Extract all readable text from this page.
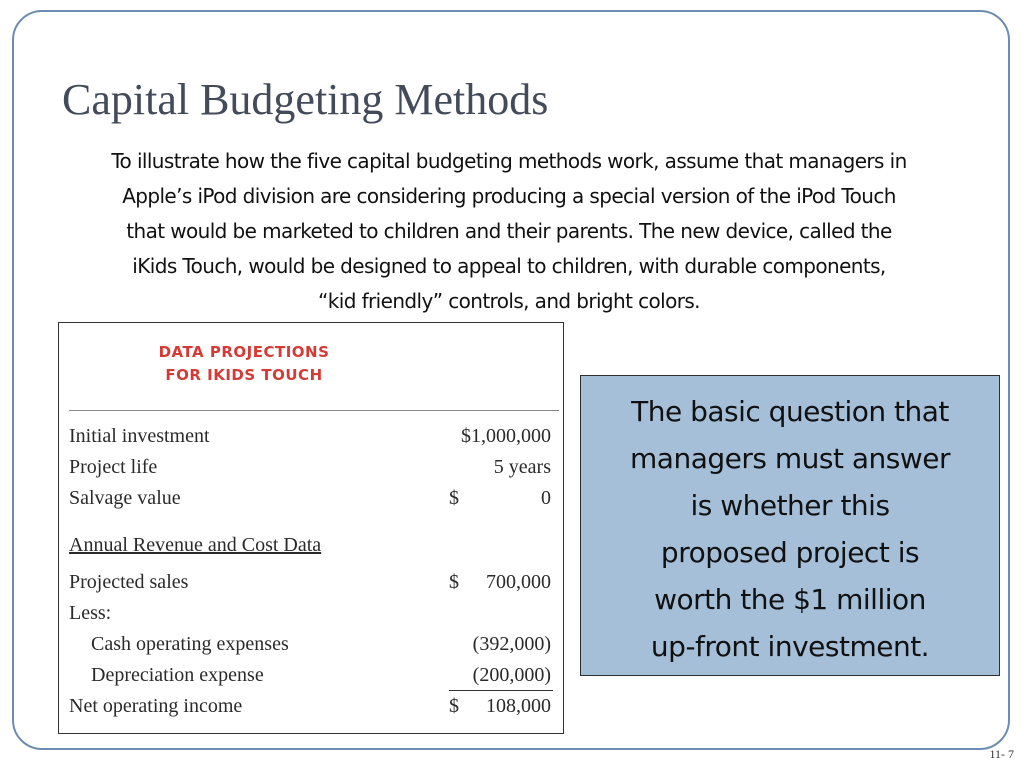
Capital Budgeting Methods
To illustrate how the five capital budgeting methods work, assume that managers in
Apple’s iPod division are considering producing a special version of the iPod Touch
that would be marketed to children and their parents. The new device, called the
iKids Touch, would be designed to appeal to children, with durable components,
“kid friendly” controls, and bright colors.
DATA PROJECTIONS
FOR IKIDS TOUCH
Initial investment	$1,000,000
Project life	5 years
Salvage value	$	0
Annual Revenue and Cost Data
Projected sales	$ 700,000
Less:
Cash operating expenses	(392,000)
Depreciation expense	(200,000)
Net operating income	$ 108,000
The basic question that
managers must answer
is whether this
proposed project is
worth the $1 million
up-front investment.
11- 7
